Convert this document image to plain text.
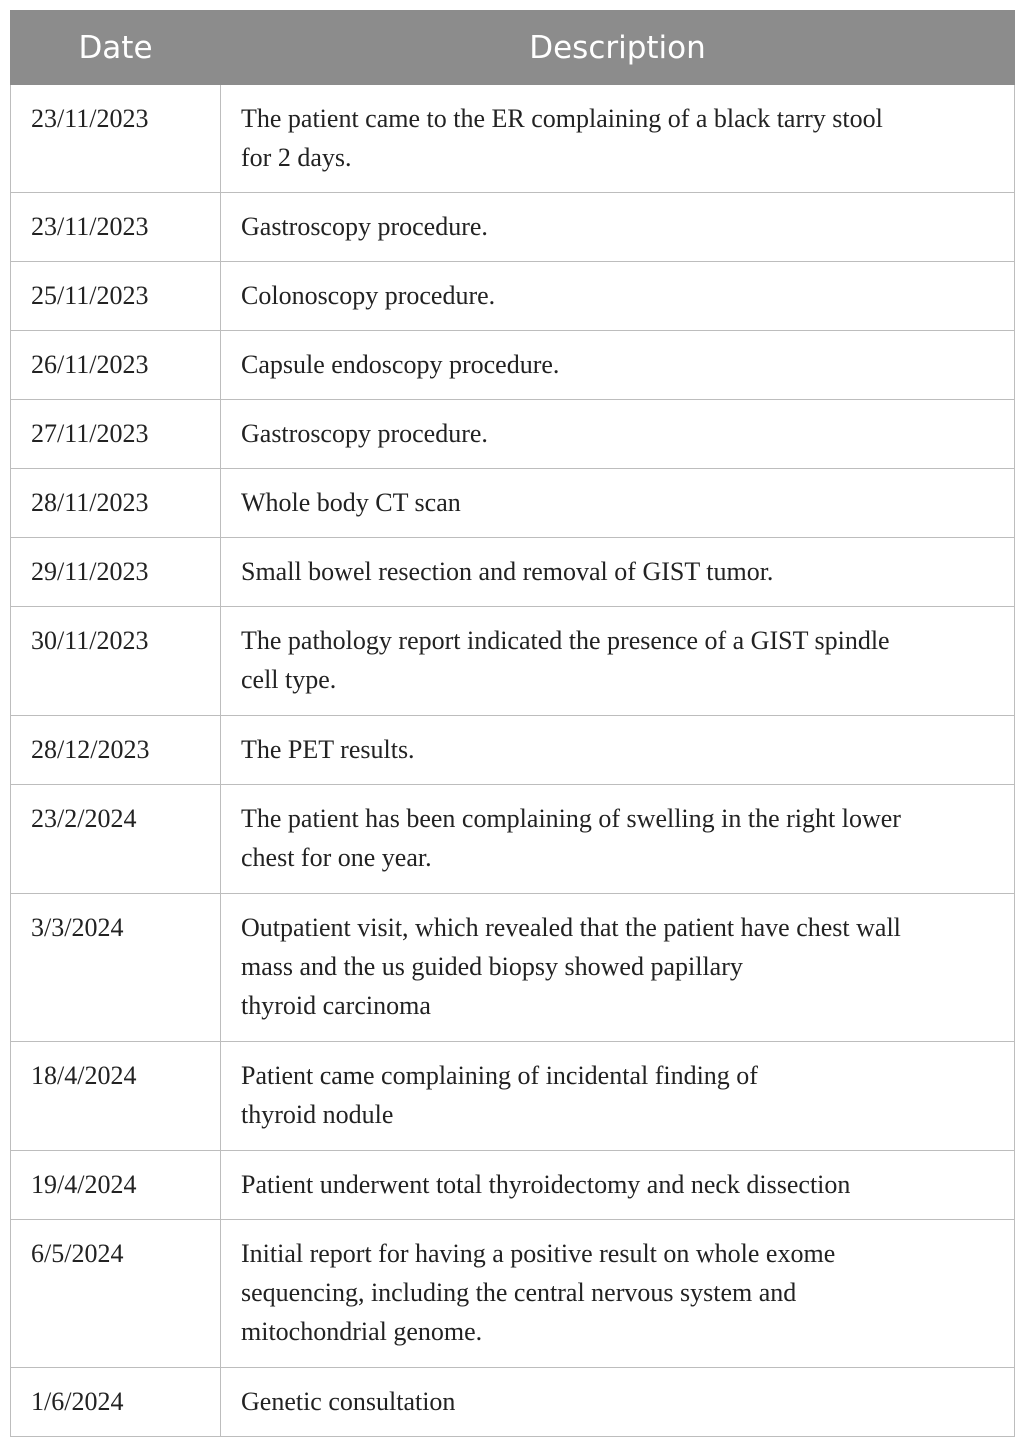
Date	Description
23/11/2023	The patient came to the ER complaining of a black tarry stool
for 2 days.

23/11/2023	Gastroscopy procedure.

25/11/2023	Colonoscopy procedure.

26/11/2023	Capsule endoscopy procedure.

27/11/2023	Gastroscopy procedure.

28/11/2023	Whole body CT scan

29/11/2023	Small bowel resection and removal of GIST tumor.

30/11/2023	The pathology report indicated the presence of a GIST spindle
cell type.

28/12/2023	The PET results.

23/2/2024	The patient has been complaining of swelling in the right lower
chest for one year.

3/3/2024	Outpatient visit, which revealed that the patient have chest wall
mass and the us guided biopsy showed papillary
thyroid carcinoma

18/4/2024	Patient came complaining of incidental finding of
thyroid nodule

19/4/2024	Patient underwent total thyroidectomy and neck dissection

6/5/2024	Initial report for having a positive result on whole exome
sequencing, including the central nervous system and
mitochondrial genome.

1/6/2024	Genetic consultation
